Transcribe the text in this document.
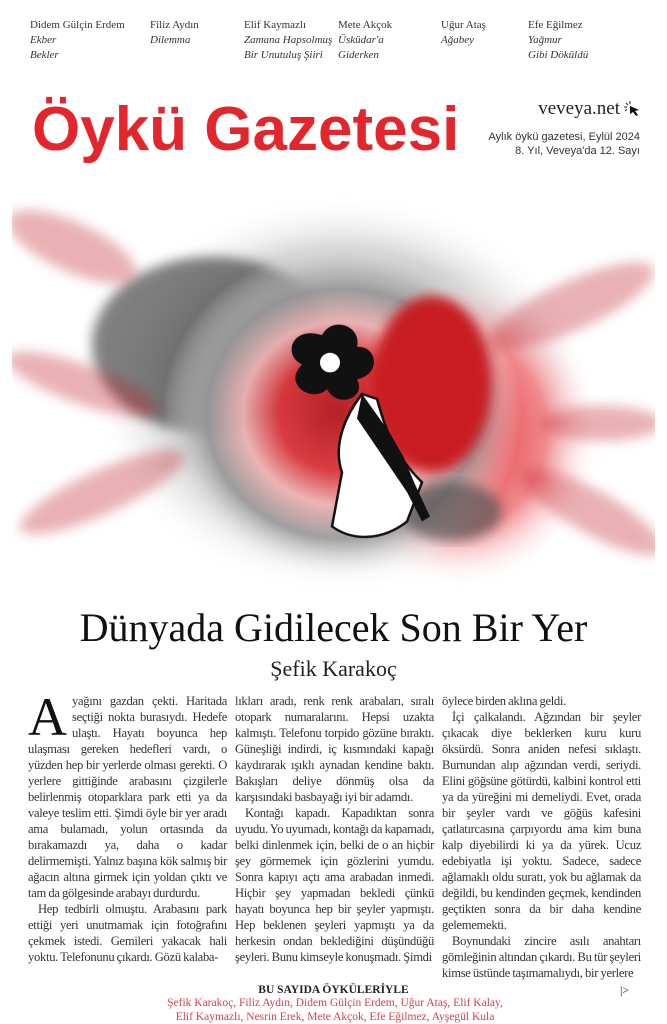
Didem Gülçin Erdem
Ekber
Bekler
Filiz Aydın
Dilemma
Elif Kaymazlı
Zamana Hapsolmuş
Bir Unutuluş Şiiri
Mete Akçok
Üsküdar'a
Giderken
Uğur Ataş
Ağabey
Efe Eğilmez
Yağmur
Gibi Döküldü
Öykü Gazetesi	veveya.net
Aylık öykü gazetesi, Eylül 2024
8. Yıl, Veveya'da 12. Sayı
Dünyada Gidilecek Son Bir Yer
Şefik Karakoç

Ayağını gazdan çekti. Haritada seçtiği nokta burasıydı. Hedefe ulaştı. Hayatı boyunca hep ulaşması gereken hedefleri vardı, o yüzden hep bir yerlerde olması gerekti. O yerlere gittiğinde arabasını çizgilerle belirlenmiş otoparklara park etti ya da valeye teslim etti. Şimdi öyle bir yer aradı ama bulamadı, yolun ortasında da bırakamazdı ya, daha o kadar delirmemişti. Yalnız başına kök salmış bir ağacın altına girmek için yoldan çıktı ve tam da gölgesinde arabayı durdurdu.

Hep tedbirli olmuştu. Arabasını park ettiği yeri unutmamak için fotoğrafını çekmek istedi. Gemileri yakacak hali yoktu. Telefonunu çıkardı. Gözü kalaba-

lıkları aradı, renk renk arabaları, sıralı otopark numaralarını. Hepsi uzakta kalmıştı. Telefonu torpido gözüne bıraktı. Güneşliği indirdi, iç kısmındaki kapağı kaydırarak ışıklı aynadan kendine baktı. Bakışları deliye dönmüş olsa da karşısındaki basbayağı iyi bir adamdı.

Kontağı kapadı. Kapadıktan sonra uyudu. Yo uyumadı, kontağı da kapamadı, belki dinlenmek için, belki de o an hiçbir şey görmemek için gözlerini yumdu. Sonra kapıyı açtı ama arabadan inmedi. Hiçbir şey yapmadan bekledi çünkü hayatı boyunca hep bir şeyler yapmıştı. Hep beklenen şeyleri yapmıştı ya da herkesin ondan beklediğini düşündüğü şeyleri. Bunu kimseyle konuşmadı. Şimdi

öylece birden aklına geldi.

İçi çalkalandı. Ağzından bir şeyler çıkacak diye beklerken kuru kuru öksürdü. Sonra aniden nefesi sıklaştı. Burnundan alıp ağzından verdi, seriydi. Elini göğsüne götürdü, kalbini kontrol etti ya da yüreğini mi demeliydi. Evet, orada bir şeyler vardı ve göğüs kafesini çatlatırcasına çarpıyordu ama kim buna kalp diyebilirdi ki ya da yürek. Ucuz edebiyatla işi yoktu. Sadece, sadece ağlamaklı oldu suratı, yok bu ağlamak da değildi, bu kendinden geçmek, kendinden geçtikten sonra da bir daha kendine gelememekti.

Boynundaki zincire asılı anahtarı gömleğinin altından çıkardı. Bu tür şeyleri kimse üstünde taşımamalıydı, bir yerlere

|>
BU SAYIDA ÖYKÜLERİYLE
Şefik Karakoç, Filiz Aydın, Didem Gülçin Erdem, Uğur Ataş, Elif Kalay,
Elif Kaymazlı, Nesrin Erek, Mete Akçok, Efe Eğilmez, Ayşegül Kula
